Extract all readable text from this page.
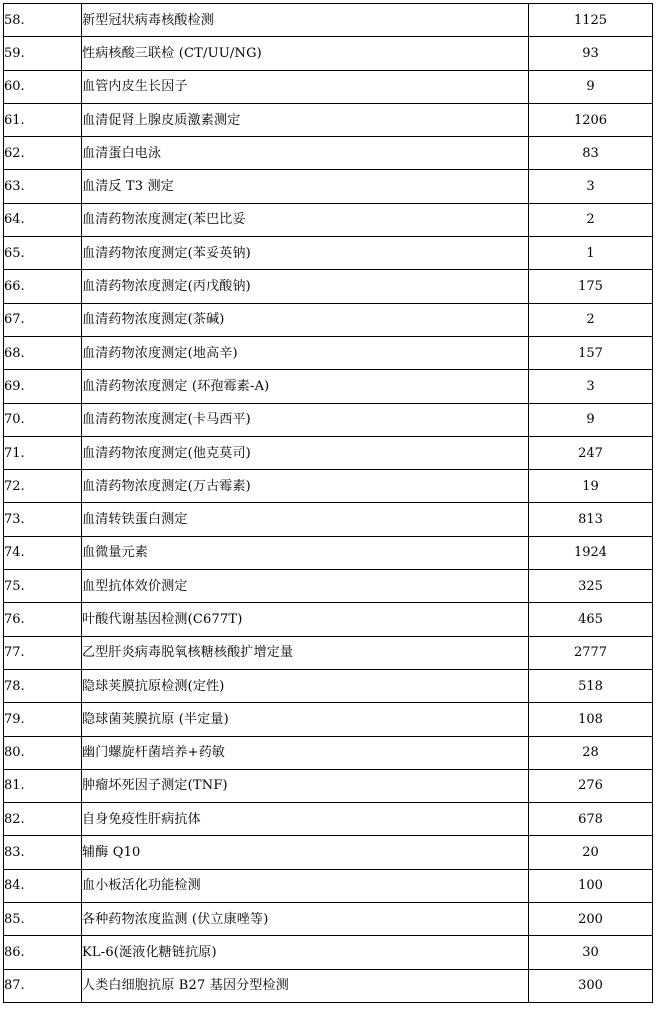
58.	新型冠状病毒核酸检测	1125
59.	性病核酸三联检 (CT/UU/NG)	93
60.	血管内皮生长因子	9
61.	血清促肾上腺皮质激素测定	1206
62.	血清蛋白电泳	83
63.	血清反 T3 测定	3
64.	血清药物浓度测定(苯巴比妥	2
65.	血清药物浓度测定(苯妥英钠)	1
66.	血清药物浓度测定(丙戊酸钠)	175
67.	血清药物浓度测定(茶碱)	2
68.	血清药物浓度测定(地高辛)	157
69.	血清药物浓度测定 (环孢霉素-A)	3
70.	血清药物浓度测定(卡马西平)	9
71.	血清药物浓度测定(他克莫司)	247
72.	血清药物浓度测定(万古霉素)	19
73.	血清转铁蛋白测定	813
74.	血微量元素	1924
75.	血型抗体效价测定	325
76.	叶酸代谢基因检测(C677T)	465
77.	乙型肝炎病毒脱氧核糖核酸扩增定量	2777
78.	隐球荚膜抗原检测(定性)	518
79.	隐球菌荚膜抗原 (半定量)	108
80.	幽门螺旋杆菌培养+药敏	28
81.	肿瘤坏死因子测定(TNF)	276
82.	自身免疫性肝病抗体	678
83.	辅酶 Q10	20
84.	血小板活化功能检测	100
85.	各种药物浓度监测 (伏立康唑等)	200
86.	KL-6(涎液化糖链抗原)	30
87.	人类白细胞抗原 B27 基因分型检测	300
